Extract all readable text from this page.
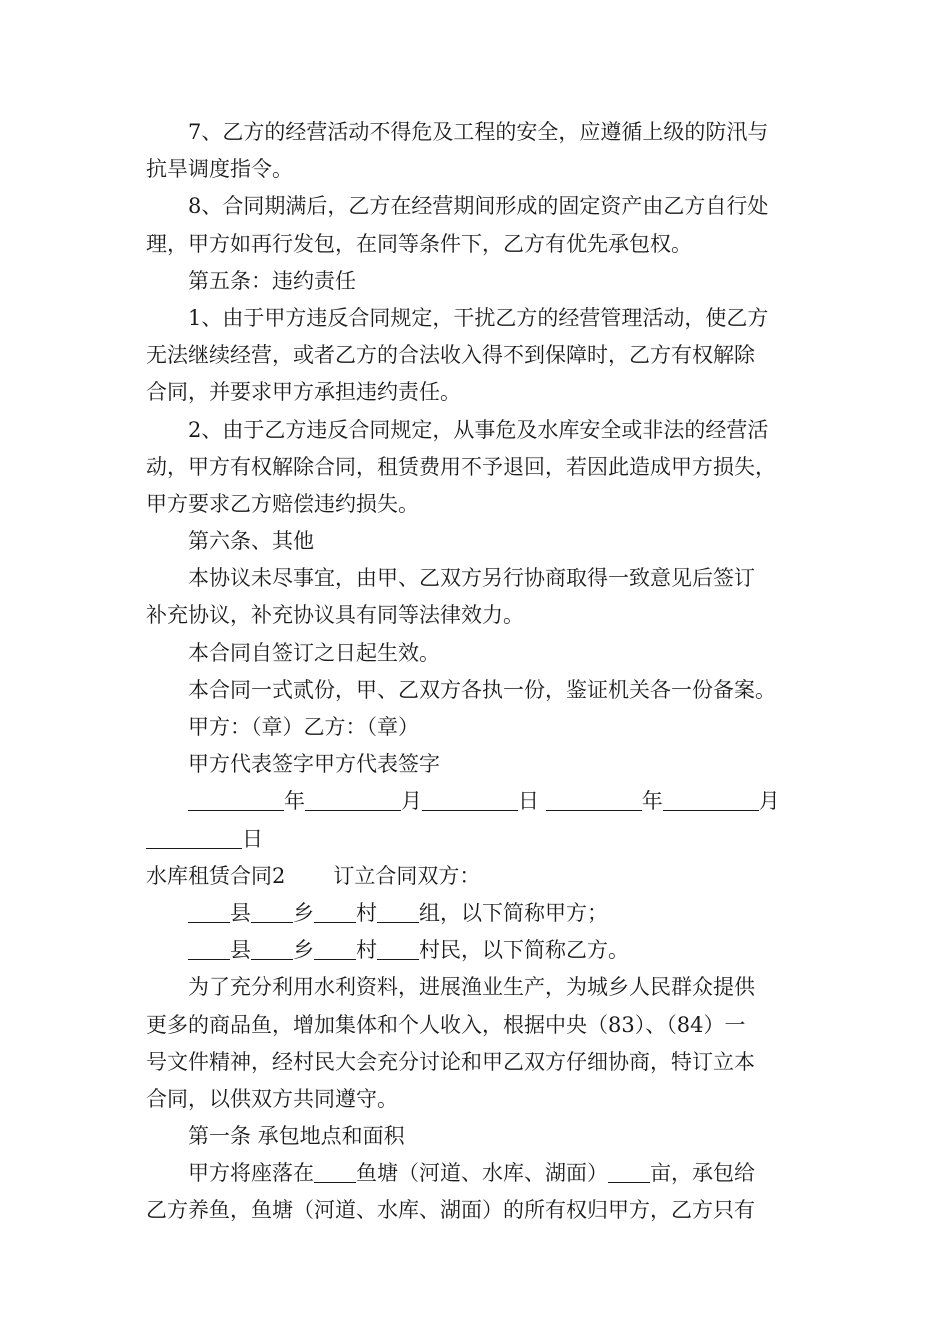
7、乙方的经营活动不得危及工程的安全，应遵循上级的防汛与
抗旱调度指令。
8、合同期满后，乙方在经营期间形成的固定资产由乙方自行处
理，甲方如再行发包，在同等条件下，乙方有优先承包权。
第五条：违约责任
1、由于甲方违反合同规定，干扰乙方的经营管理活动，使乙方
无法继续经营，或者乙方的合法收入得不到保障时，乙方有权解除
合同，并要求甲方承担违约责任。
2、由于乙方违反合同规定，从事危及水库安全或非法的经营活
动，甲方有权解除合同，租赁费用不予退回，若因此造成甲方损失，
甲方要求乙方赔偿违约损失。
第六条、其他
本协议未尽事宜，由甲、乙双方另行协商取得一致意见后签订
补充协议，补充协议具有同等法律效力。
本合同自签订之日起生效。
本合同一式贰份，甲、乙双方各执一份，鉴证机关各一份备案。
甲方：（章）乙方：（章）
甲方代表签字甲方代表签字
年	月	日	年	月
日
水库租赁合同2 订立合同双方：
县 乡 村 组，以下简称甲方；
县 乡 村 村民，以下简称乙方。
为了充分利用水利资料，进展渔业生产，为城乡人民群众提供
更多的商品鱼，增加集体和个人收入，根据中央（83）、（84）一
号文件精神，经村民大会充分讨论和甲乙双方仔细协商，特订立本
合同，以供双方共同遵守。
第一条 承包地点和面积
甲方将座落在 鱼塘（河道、水库、湖面） 亩，承包给
乙方养鱼，鱼塘（河道、水库、湖面）的所有权归甲方，乙方只有
